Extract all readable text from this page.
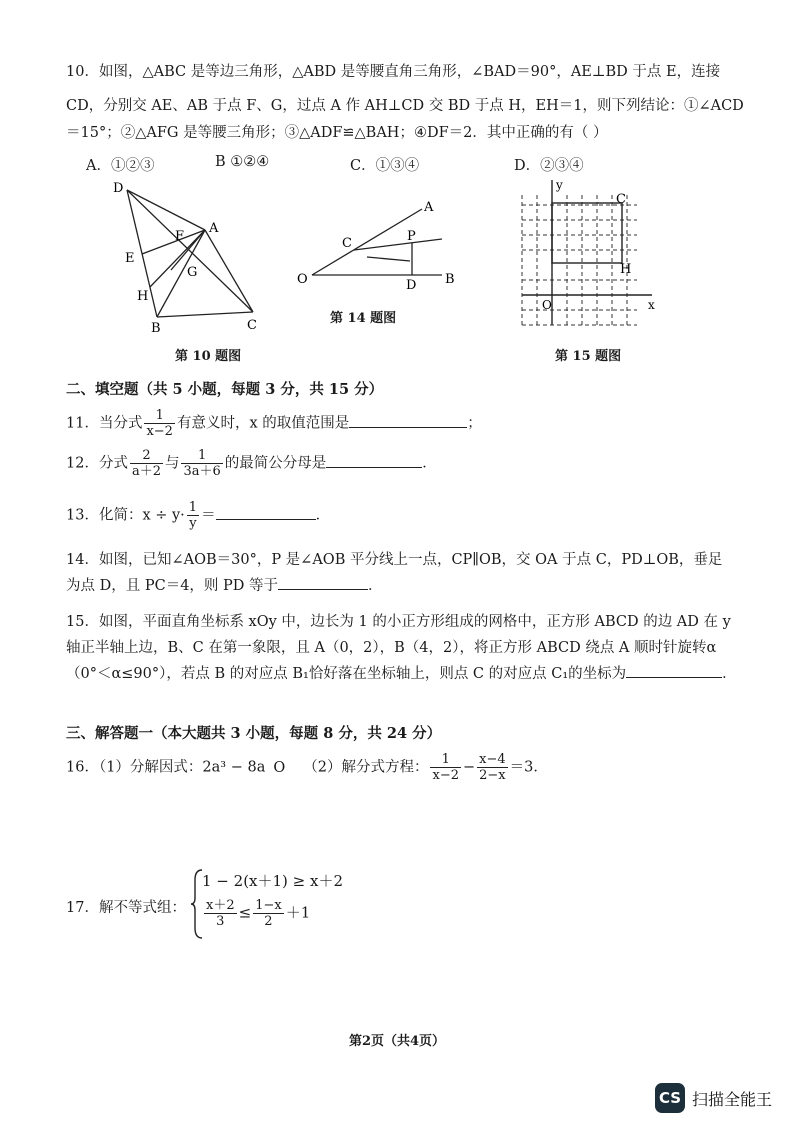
10．如图，△ABC 是等边三角形，△ABD 是等腰直角三角形，∠BAD＝90°，AE⊥BD 于点 E，连接
CD，分别交 AE、AB 于点 F、G，过点 A 作 AH⊥CD 交 BD 于点 H，EH＝1，则下列结论：①∠ACD
＝15°；②△AFG 是等腰三角形；③△ADF≌△BAH；④DF＝2．其中正确的有（ ）
A．①②③	B ①②④	C．①③④	D．②③④
D
A
F
E
G
H
B	C
第 10 题图
A
C	P
O	D B
第 14 题图
y
C
H
O	x
第 15 题图
二、填空题（共 5 小题，每题 3 分，共 15 分）
11．当分式 $\frac{1}{x-2}$ 有意义时，x 的取值范围是	；
12．分式 $\frac{2}{a+2}$ 与 $\frac{1}{3a+6}$ 的最简公分母是	．
13．化简：$x \div y\cdot \frac{1}{y}$ ＝	．
14．如图，已知∠AOB＝30°，P 是∠AOB 平分线上一点，CP∥OB，交 OA 于点 C，PD⊥OB，垂足
为点 D，且 PC＝4，则 PD 等于	．
15．如图，平面直角坐标系 xOy 中，边长为 1 的小正方形组成的网格中，正方形 ABCD 的边 AD 在 y
轴正半轴上边，B、C 在第一象限，且 A（0，2），B（4，2），将正方形 ABCD 绕点 A 顺时针旋转α
（0°＜α≤90°），若点 B 的对应点 B₁恰好落在坐标轴上，则点 C 的对应点 C₁的坐标为	．
三、解答题一（本大题共 3 小题，每题 8 分，共 24 分）
16．（1）分解因式：2a³ − 8a O （2）解分式方程： $\frac{1}{x-2} - \frac{x-4}{2-x} =3$．
17．解不等式组：
1 − 2(x＋1) ≥ x＋2
$\frac{x+2}{3} \le \frac{1-x}{2} +1$
第2页（共4页）
CS 扫描全能王
